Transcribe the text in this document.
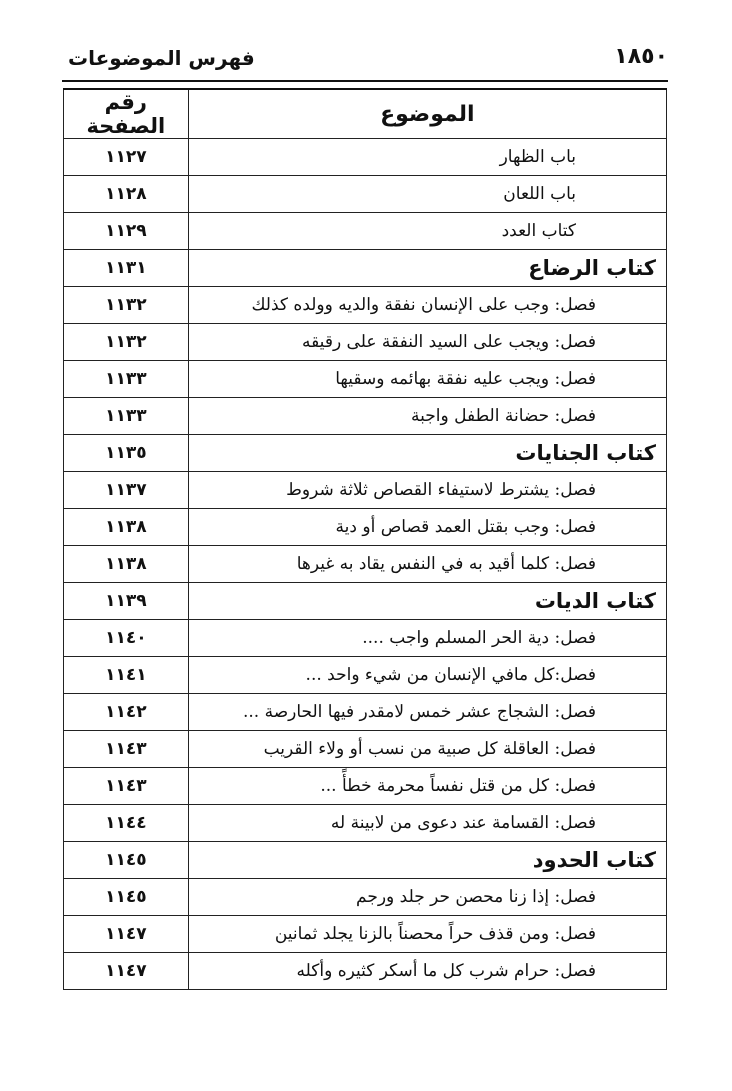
١٨٥٠
فهرس الموضوعات
الموضوع	رقم الصفحة
باب الظهار	١١٢٧
باب اللعان	١١٢٨
كتاب العدد	١١٢٩
كتاب الرضاع	١١٣١
فصل: وجب على الإنسان نفقة والديه وولده كذلك	١١٣٢
فصل: ويجب على السيد النفقة على رقيقه	١١٣٢
فصل: ويجب عليه نفقة بهائمه وسقيها	١١٣٣
فصل: حضانة الطفل واجبة	١١٣٣
كتاب الجنايات	١١٣٥
فصل: يشترط لاستيفاء القصاص ثلاثة شروط	١١٣٧
فصل: وجب بقتل العمد قصاص أو دية	١١٣٨
فصل: كلما أقيد به في النفس يقاد به غيرها	١١٣٨
كتاب الديات	١١٣٩
فصل: دية الحر المسلم واجب ....	١١٤٠
فصل:كل مافي الإنسان من شيء واحد ...	١١٤١
فصل: الشجاج عشر خمس لامقدر فيها الحارصة ...	١١٤٢
فصل: العاقلة كل صبية من نسب أو ولاء القريب	١١٤٣
فصل: كل من قتل نفساً محرمة خطأً ...	١١٤٣
فصل: القسامة عند دعوى من لابينة له	١١٤٤
كتاب الحدود	١١٤٥
فصل: إذا زنا محصن حر جلد ورجم	١١٤٥
فصل: ومن قذف حراً محصناً بالزنا يجلد ثمانين	١١٤٧
فصل: حرام شرب كل ما أسكر كثيره وأكله	١١٤٧
